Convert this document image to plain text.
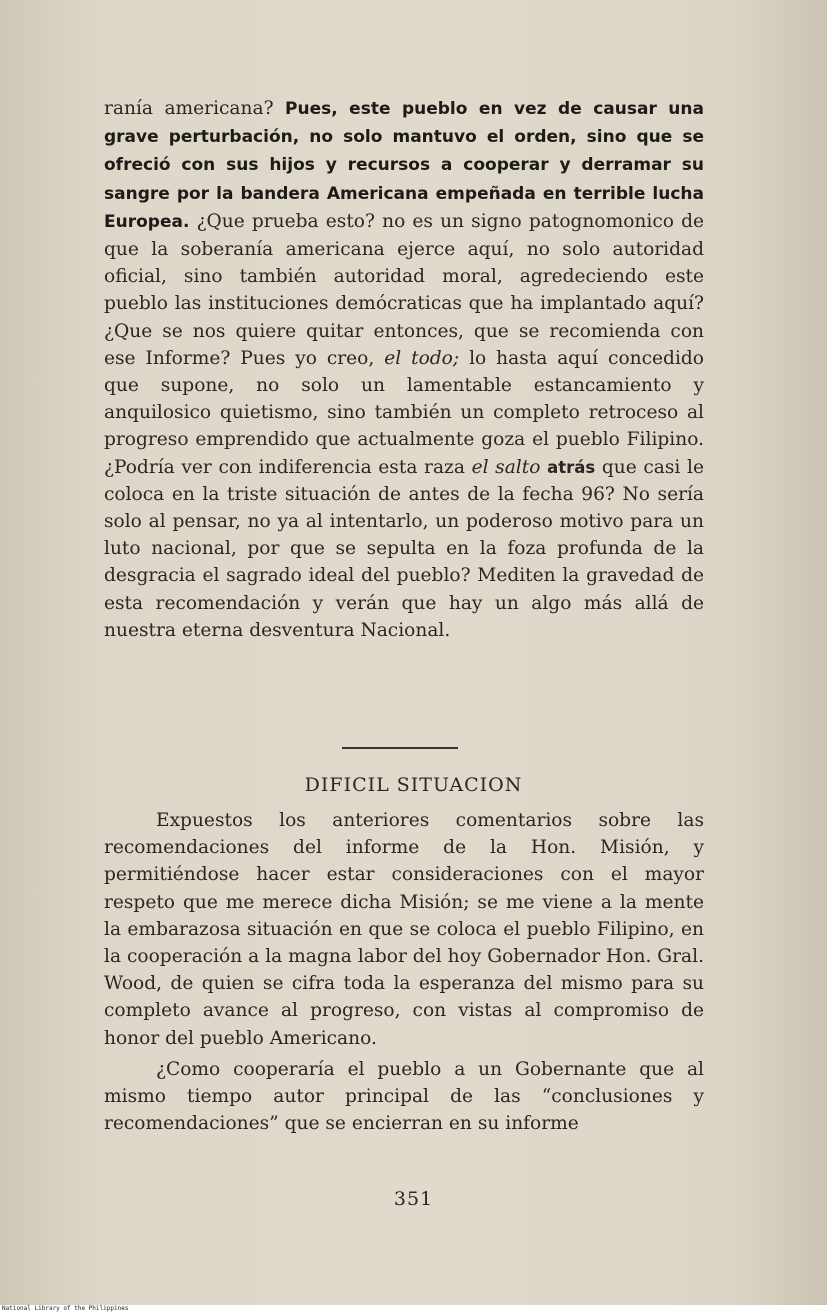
ranía americana? Pues, este pueblo en vez de causar una grave perturbación, no solo mantuvo el orden, sino que se ofreció con sus hijos y recursos a cooperar y derramar su sangre por la bandera Americana empeñada en terrible lucha Europea. ¿Que prueba esto? no es un signo patognomonico de que la soberanía americana ejerce aquí, no solo autoridad oficial, sino también autoridad moral, agredeciendo este pueblo las instituciones demócraticas que ha implantado aquí? ¿Que se nos quiere quitar entonces, que se recomienda con ese Informe? Pues yo creo, el todo; lo hasta aquí concedido que supone, no solo un lamentable estancamiento y anquilosico quietismo, sino también un completo retroceso al progreso emprendido que actualmente goza el pueblo Filipino. ¿Podría ver con indiferencia esta raza el salto atrás que casi le coloca en la triste situación de antes de la fecha 96? No sería solo al pensar, no ya al intentarlo, un poderoso motivo para un luto nacional, por que se sepulta en la foza profunda de la desgracia el sagrado ideal del pueblo? Mediten la gravedad de esta recomendación y verán que hay un algo más allá de nuestra eterna desventura Nacional.

DIFICIL SITUACION

Expuestos los anteriores comentarios sobre las recomendaciones del informe de la Hon. Misión, y permitiéndose hacer estar consideraciones con el mayor respeto que me merece dicha Misión; se me viene a la mente la embarazosa situación en que se coloca el pueblo Filipino, en la cooperación a la magna labor del hoy Gobernador Hon. Gral. Wood, de quien se cifra toda la esperanza del mismo para su completo avance al progreso, con vistas al compromiso de honor del pueblo Americano.

¿Como cooperaría el pueblo a un Gobernante que al mismo tiempo autor principal de las “conclusiones y recomendaciones” que se encierran en su informe

351
National Library of the Philippines
